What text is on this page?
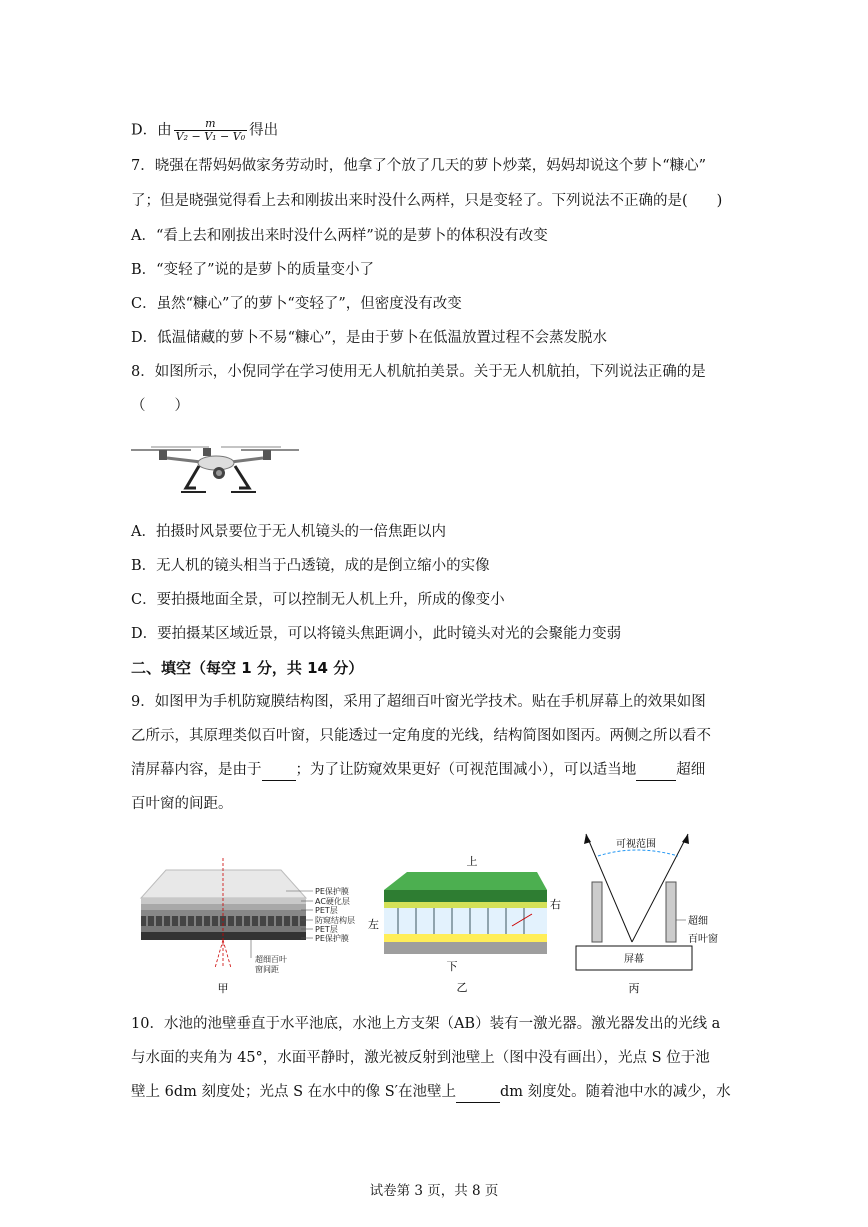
D．由 $\frac{m}{\text{V₂ − V₁ − V₀}}$ 得出
7．晓强在帮妈妈做家务劳动时，他拿了个放了几天的萝卜炒菜，妈妈却说这个萝卜“糠心”
了；但是晓强觉得看上去和刚拔出来时没什么两样，只是变轻了。下列说法不正确的是(　　)
A．“看上去和刚拔出来时没什么两样”说的是萝卜的体积没有改变
B．“变轻了”说的是萝卜的质量变小了
C．虽然“糠心”了的萝卜“变轻了”，但密度没有改变
D．低温储藏的萝卜不易“糠心”，是由于萝卜在低温放置过程不会蒸发脱水
8．如图所示，小倪同学在学习使用无人机航拍美景。关于无人机航拍，下列说法正确的是
（　　）
A．拍摄时风景要位于无人机镜头的一倍焦距以内
B．无人机的镜头相当于凸透镜，成的是倒立缩小的实像
C．要拍摄地面全景，可以控制无人机上升，所成的像变小
D．要拍摄某区域近景，可以将镜头焦距调小，此时镜头对光的会聚能力变弱
二、填空（每空 1 分，共 14 分）
9．如图甲为手机防窥膜结构图，采用了超细百叶窗光学技术。贴在手机屏幕上的效果如图
乙所示，其原理类似百叶窗，只能透过一定角度的光线，结构简图如图丙。两侧之所以看不
清屏幕内容，是由于 ；为了让防窥效果更好（可视范围减小），可以适当地	超细
百叶窗的间距。
PE保护膜
AC硬化层
PET层
防窥结构层
PET层
PE保护膜
超细百叶
窗间距
甲
上
左
右
下
乙
可视范围
超细
百叶窗
屏幕
丙
10．水池的池壁垂直于水平池底，水池上方支架（AB）装有一激光器。激光器发出的光线 a
与水面的夹角为 45°，水面平静时，激光被反射到池壁上（图中没有画出），光点 S 位于池
壁上 6dm 刻度处；光点 S 在水中的像 S′在池壁上	dm 刻度处。随着池中水的减少，水
试卷第 3 页，共 8 页
